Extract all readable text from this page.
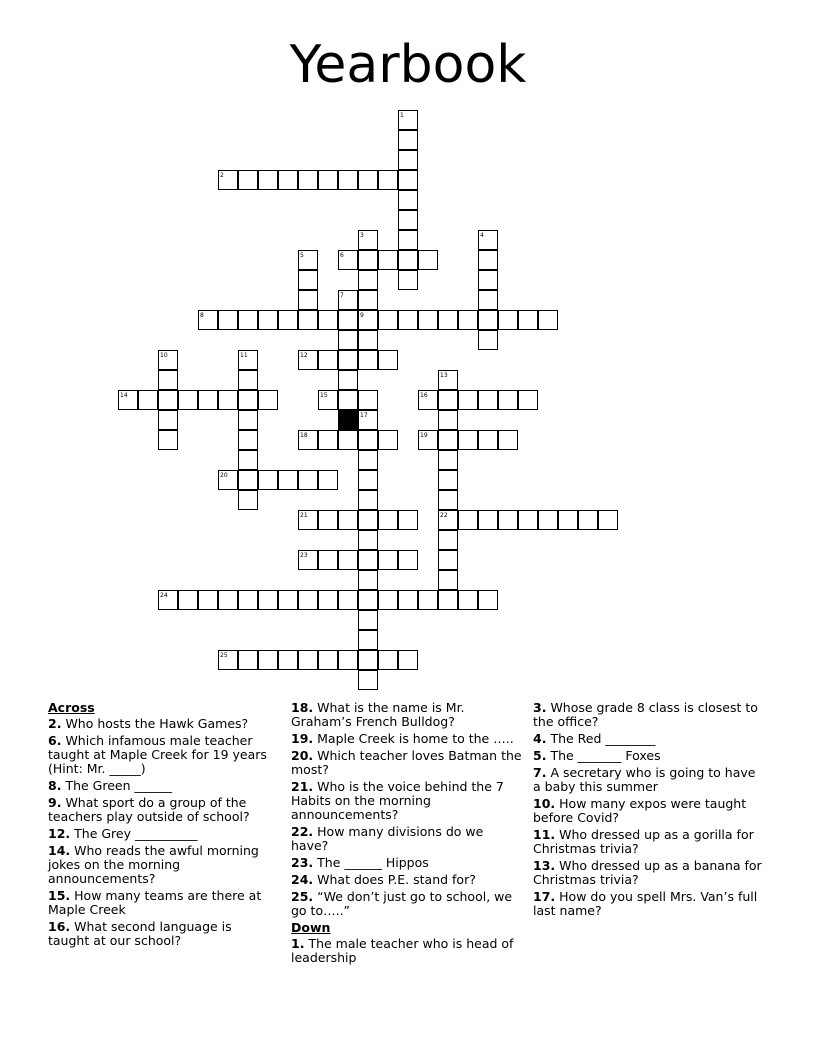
Yearbook
1
2
3
9
4
5	6
7
8
10	11	12
13
22
14	15	16
17
18	19
20
21
23
24
25
Across
2. Who hosts the Hawk Games?
6. Which infamous male teacher taught at Maple Creek for 19 years (Hint: Mr. _____)
8. The Green ______
9. What sport do a group of the teachers play outside of school?
12. The Grey __________
14. Who reads the awful morning jokes on the morning announcements?
15. How many teams are there at Maple Creek
16. What second language is taught at our school?
18. What is the name is Mr. Graham’s French Bulldog?
19. Maple Creek is home to the …..
20. Which teacher loves Batman the most?
21. Who is the voice behind the 7 Habits on the morning announcements?
22. How many divisions do we have?
23. The ______ Hippos
24. What does P.E. stand for?
25. “We don’t just go to school, we go to…..”
Down
1. The male teacher who is head of leadership
3. Whose grade 8 class is closest to the office?
4. The Red ________
5. The _______ Foxes
7. A secretary who is going to have a baby this summer
10. How many expos were taught before Covid?
11. Who dressed up as a gorilla for Christmas trivia?
13. Who dressed up as a banana for Christmas trivia?
17. How do you spell Mrs. Van’s full last name?
